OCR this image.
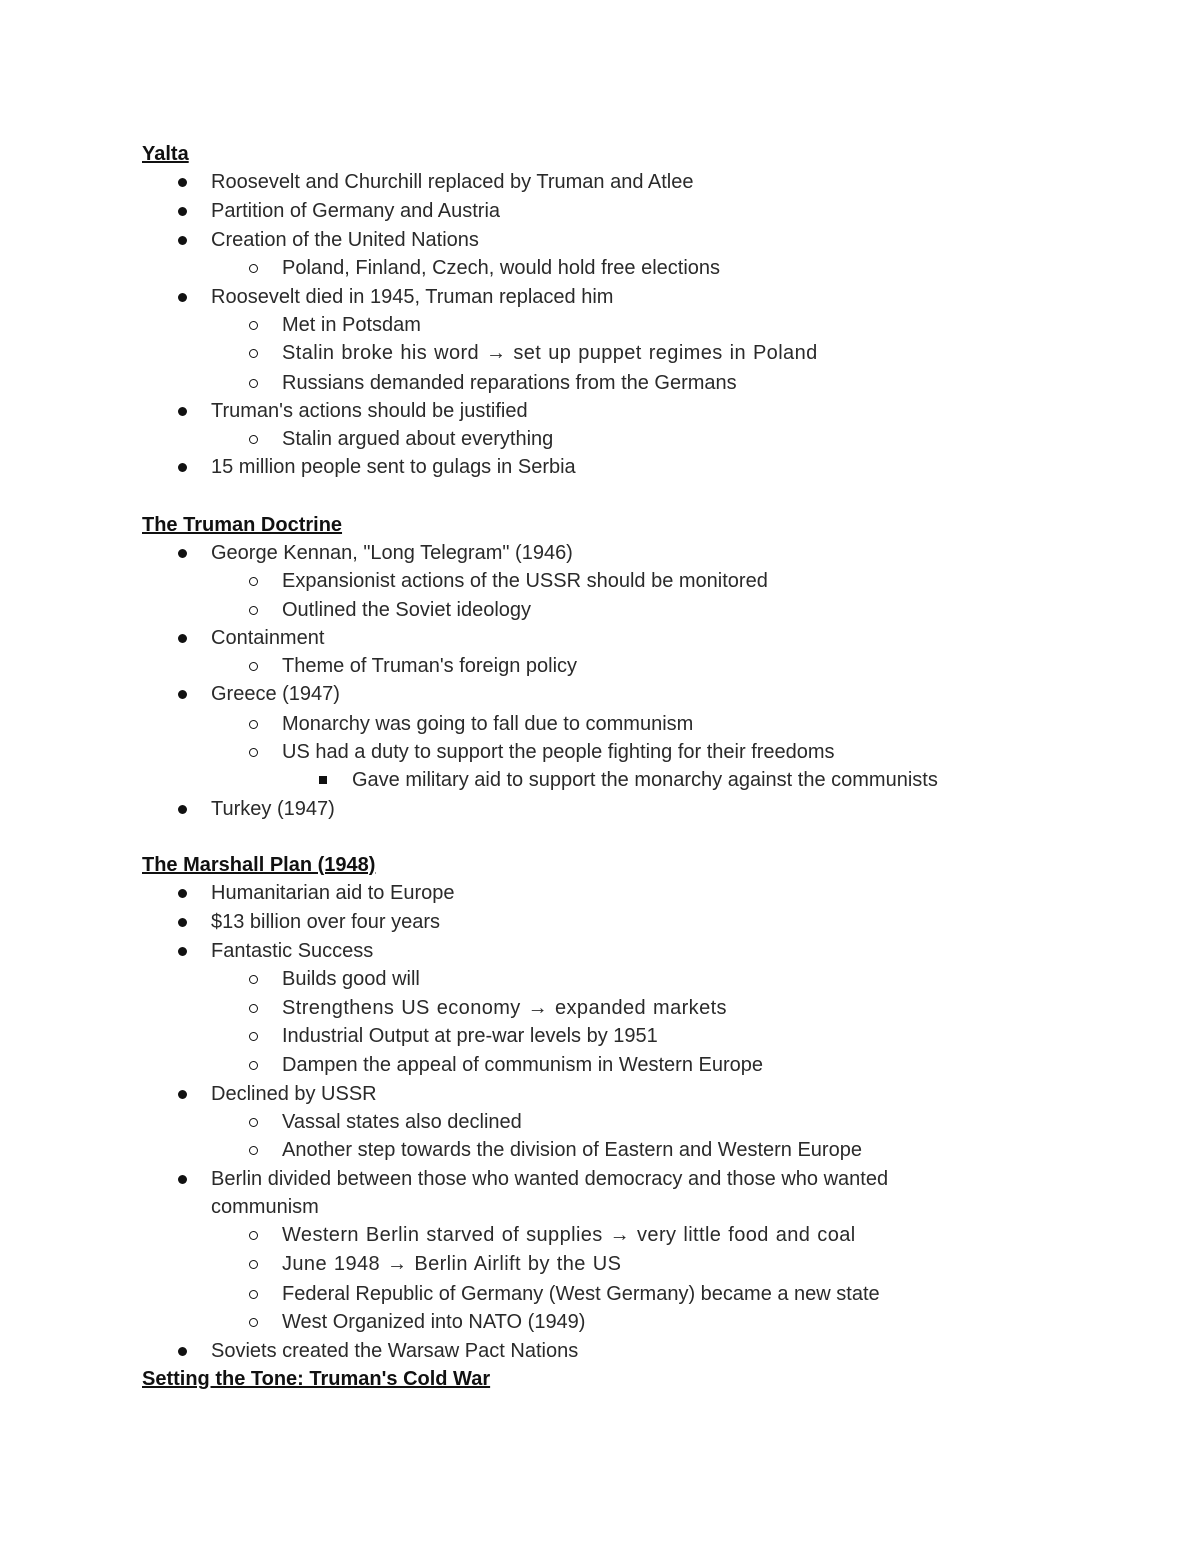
Yalta
Roosevelt and Churchill replaced by Truman and Atlee
Partition of Germany and Austria
Creation of the United Nations
Poland, Finland, Czech, would hold free elections
Roosevelt died in 1945, Truman replaced him
Met in Potsdam
Stalin broke his word → set up puppet regimes in Poland
Russians demanded reparations from the Germans
Truman's actions should be justified
Stalin argued about everything
15 million people sent to gulags in Serbia
The Truman Doctrine
George Kennan, "Long Telegram" (1946)
Expansionist actions of the USSR should be monitored
Outlined the Soviet ideology
Containment
Theme of Truman's foreign policy
Greece (1947)
Monarchy was going to fall due to communism
US had a duty to support the people fighting for their freedoms
Gave military aid to support the monarchy against the communists
Turkey (1947)
The Marshall Plan (1948)
Humanitarian aid to Europe
$13 billion over four years
Fantastic Success
Builds good will
Strengthens US economy → expanded markets
Industrial Output at pre-war levels by 1951
Dampen the appeal of communism in Western Europe
Declined by USSR
Vassal states also declined
Another step towards the division of Eastern and Western Europe
Berlin divided between those who wanted democracy and those who wanted
communism
Western Berlin starved of supplies → very little food and coal
June 1948 → Berlin Airlift by the US
Federal Republic of Germany (West Germany) became a new state
West Organized into NATO (1949)
Soviets created the Warsaw Pact Nations
Setting the Tone: Truman's Cold War
